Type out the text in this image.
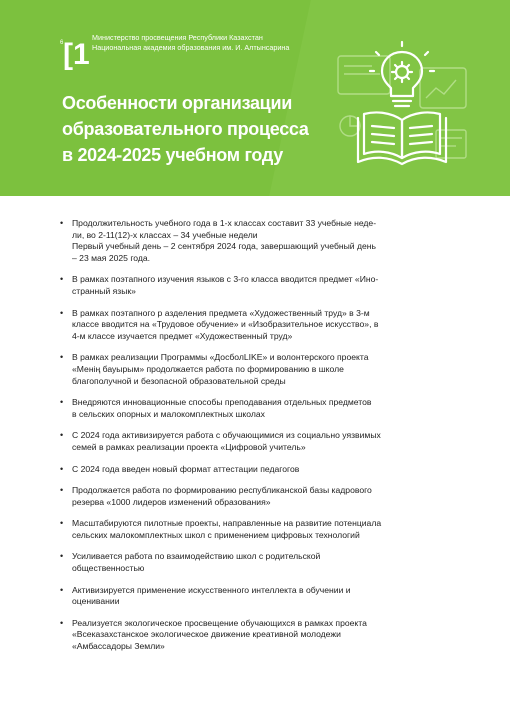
6 [1
Министерство просвещения Республики Казахстан
Национальная академия образования им. И. Алтынсарина
Особенности организации
образовательного процесса
в 2024-2025 учебном году
• Продолжительность учебного года в 1-х классах составит 33 учебные неде-
ли, во 2-11(12)-х классах – 34 учебные недели
Первый учебный день – 2 сентября 2024 года, завершающий учебный день
– 23 мая 2025 года.
• В рамках поэтапного изучения языков с 3-го класса вводится предмет «Ино-
странный язык»
• В рамках поэтапного р азделения предмета «Художественный труд» в 3-м
классе вводится на «Трудовое обучение» и «Изобразительное искусство», в
4-м классе изучается предмет «Художественный труд»
• В рамках реализации Программы «ДосболLIKE» и волонтерского проекта
«Менің бауырым» продолжается работа по формированию в школе
благополучной и безопасной образовательной среды
• Внедряются инновационные способы преподавания отдельных предметов
в сельских опорных и малокомплектных школах
• С 2024 года активизируется работа с обучающимися из социально уязвимых
семей в рамках реализации проекта «Цифровой учитель»
• С 2024 года введен новый формат аттестации педагогов
• Продолжается работа по формированию республиканской базы кадрового
резерва «1000 лидеров изменений образования»
• Масштабируются пилотные проекты, направленные на развитие потенциала
сельских малокомплектных школ с применением цифровых технологий
• Усиливается работа по взаимодействию школ с родительской
общественностью
• Активизируется применение искусственного интеллекта в обучении и
оценивании
• Реализуется экологическое просвещение обучающихся в рамках проекта
«Всеказахстанское экологическое движение креативной молодежи
«Амбассадоры Земли»
